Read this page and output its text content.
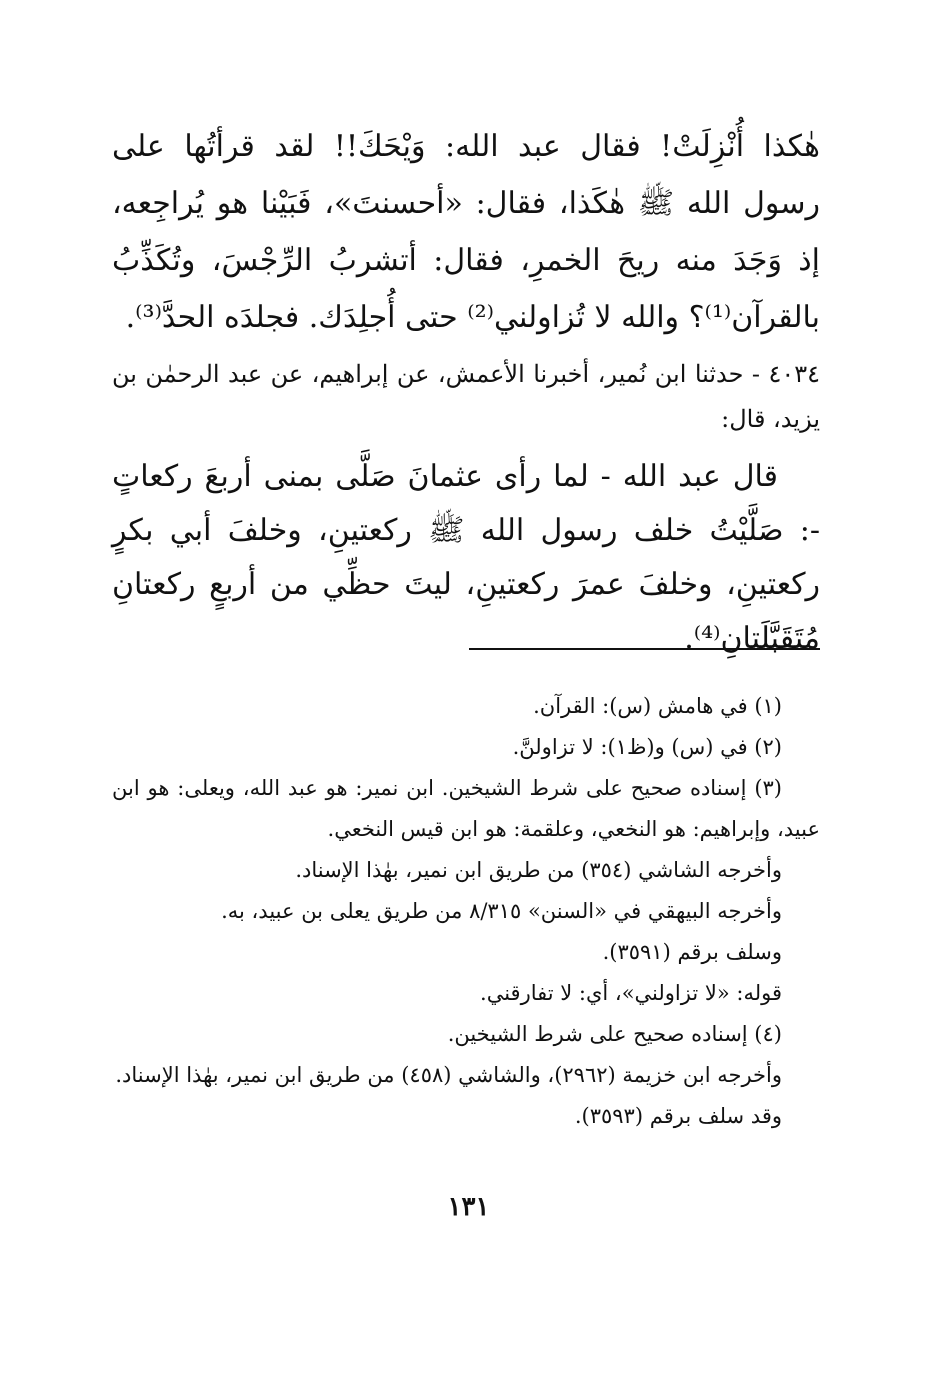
هٰكذا أُنْزِلَتْ! فقال عبد الله: وَيْحَكَ!! لقد قرأتُها على رسول الله ﷺ هٰكَذا، فقال: «أحسنتَ»، فَبَيْنا هو يُراجِعه، إذ وَجَدَ منه ريحَ الخمرِ، فقال: أتشربُ الرِّجْسَ، وتُكَذِّبُ بالقرآن⁽¹⁾؟ والله لا تُزاولني⁽²⁾ حتى أُجلِدَك. فجلدَه الحدَّ⁽³⁾.

٤٠٣٤ - حدثنا ابن نُمير، أخبرنا الأعمش، عن إبراهيم، عن عبد الرحمٰن بن يزيد، قال:

قال عبد الله - لما رأى عثمانَ صَلَّى بمنى أربعَ ركعاتٍ -: صَلَّيْتُ خلف رسول الله ﷺ ركعتينِ، وخلفَ أبي بكرٍ ركعتينِ، وخلفَ عمرَ ركعتينِ، ليتَ حظِّي من أربعٍ ركعتانِ مُتَقَبَّلَتانِ⁽⁴⁾.

(١) في هامش (س): القرآن.

(٢) في (س) و(ظ١): لا تزاولنَّ.

(٣) إسناده صحيح على شرط الشيخين. ابن نمير: هو عبد الله، ويعلى: هو ابن عبيد، وإبراهيم: هو النخعي، وعلقمة: هو ابن قيس النخعي.

وأخرجه الشاشي (٣٥٤) من طريق ابن نمير، بهٰذا الإسناد.

وأخرجه البيهقي في «السنن» ٨/٣١٥ من طريق يعلى بن عبيد، به.

وسلف برقم (٣٥٩١).

قوله: «لا تزاولني»، أي: لا تفارقني.

(٤) إسناده صحيح على شرط الشيخين.

وأخرجه ابن خزيمة (٢٩٦٢)، والشاشي (٤٥٨) من طريق ابن نمير، بهٰذا الإسناد.

وقد سلف برقم (٣٥٩٣).

١٣١
